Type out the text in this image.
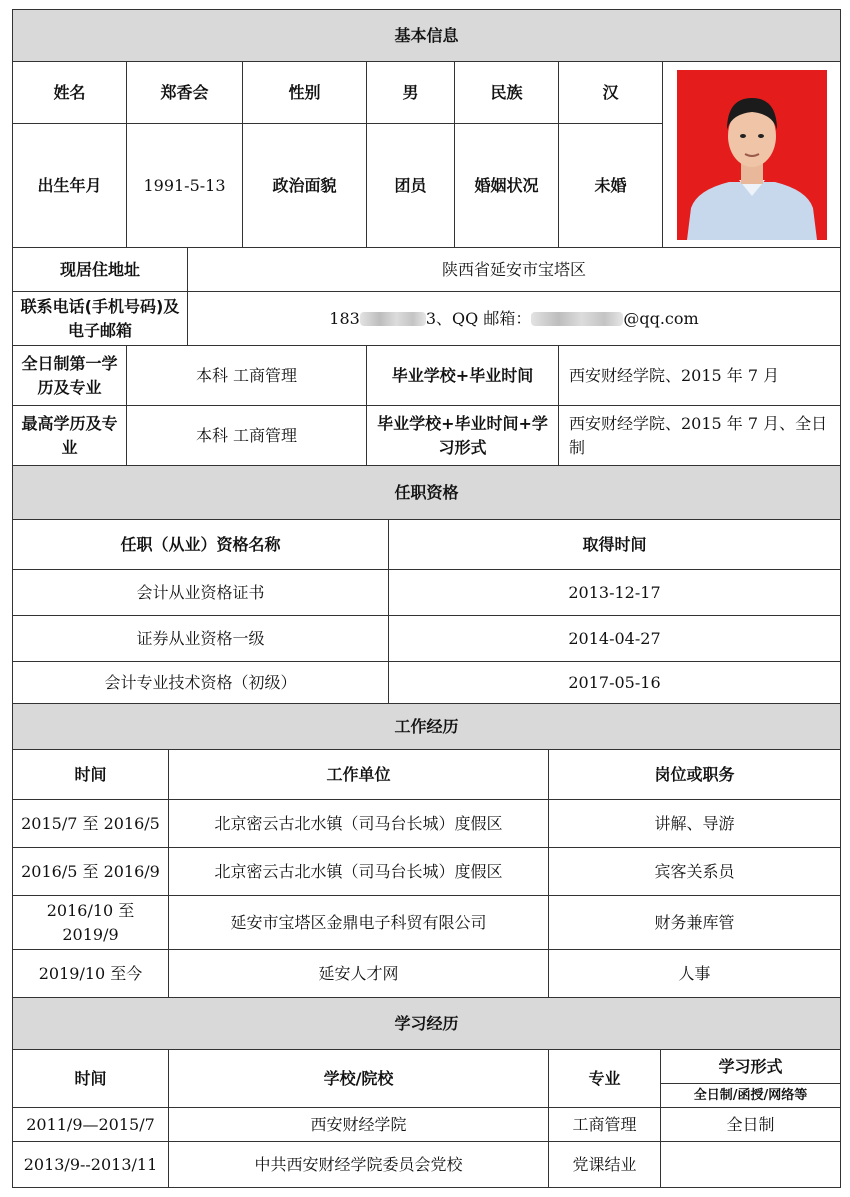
基本信息							
姓名	郑香会		性别	男	民族	汉	

出生年月	1991-5-13		政治面貌	团员	婚姻状况	未婚	
现居住地址		陕西省延安市宝塔区					
联系电话(手机号码)及电子邮箱		183 3、QQ 邮箱： @qq.com					
全日制第一学历及专业	本科 工商管理			毕业学校+毕业时间		西安财经学院、2015 年 7 月	
最高学历及专业	本科 工商管理			毕业学校+毕业时间+学习形式		西安财经学院、2015 年 7 月、全日制	
任职资格	
任职（从业）资格名称	取得时间
会计从业资格证书	2013-12-17
证券从业资格一级	2014-04-27
会计专业技术资格（初级）	2017-05-16
工作经历		
时间	工作单位	岗位或职务
2015/7 至 2016/5	北京密云古北水镇（司马台长城）度假区	讲解、导游
2016/5 至 2016/9	北京密云古北水镇（司马台长城）度假区	宾客关系员
2016/10 至 2019/9	延安市宝塔区金鼎电子科贸有限公司	财务兼库管
2019/10 至今	延安人才网	人事
学习经历			
时间	学校/院校	专业	学习形式
			全日制/函授/网络等
2011/9—2015/7	西安财经学院	工商管理	全日制
2013/9--2013/11	中共西安财经学院委员会党校	党课结业	
